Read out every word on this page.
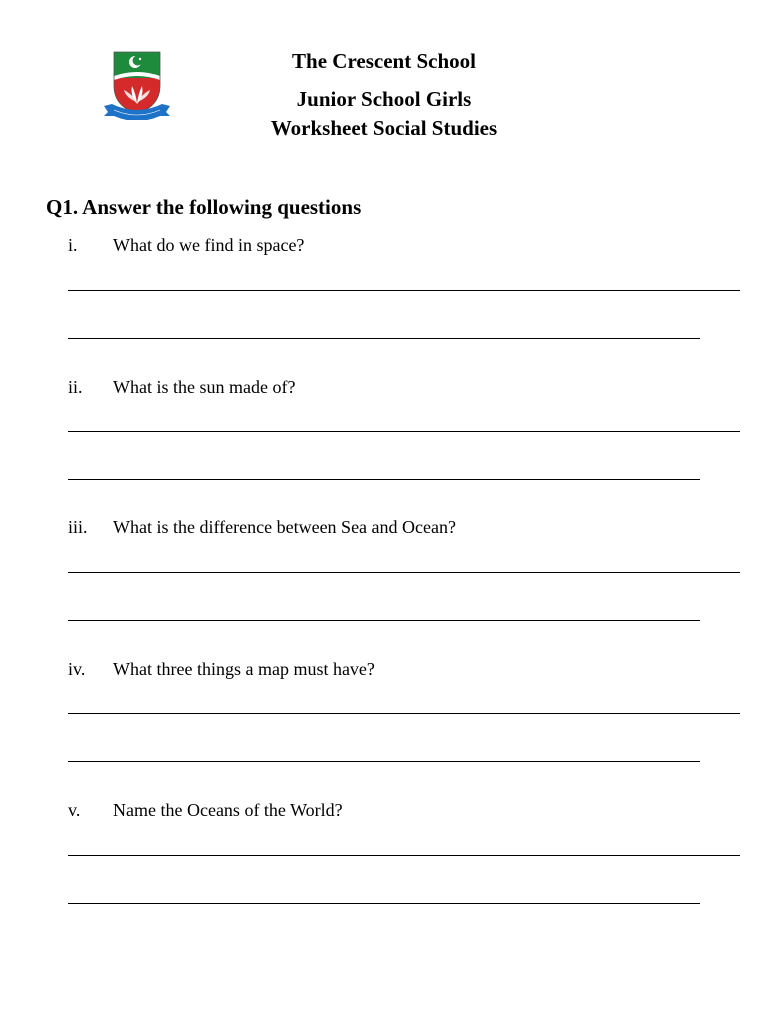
The Crescent School
Junior School Girls
Worksheet Social Studies
Q1. Answer the following questions
i. What do we find in space?
ii. What is the sun made of?
iii. What is the difference between Sea and Ocean?
iv. What three things a map must have?
v. Name the Oceans of the World?
